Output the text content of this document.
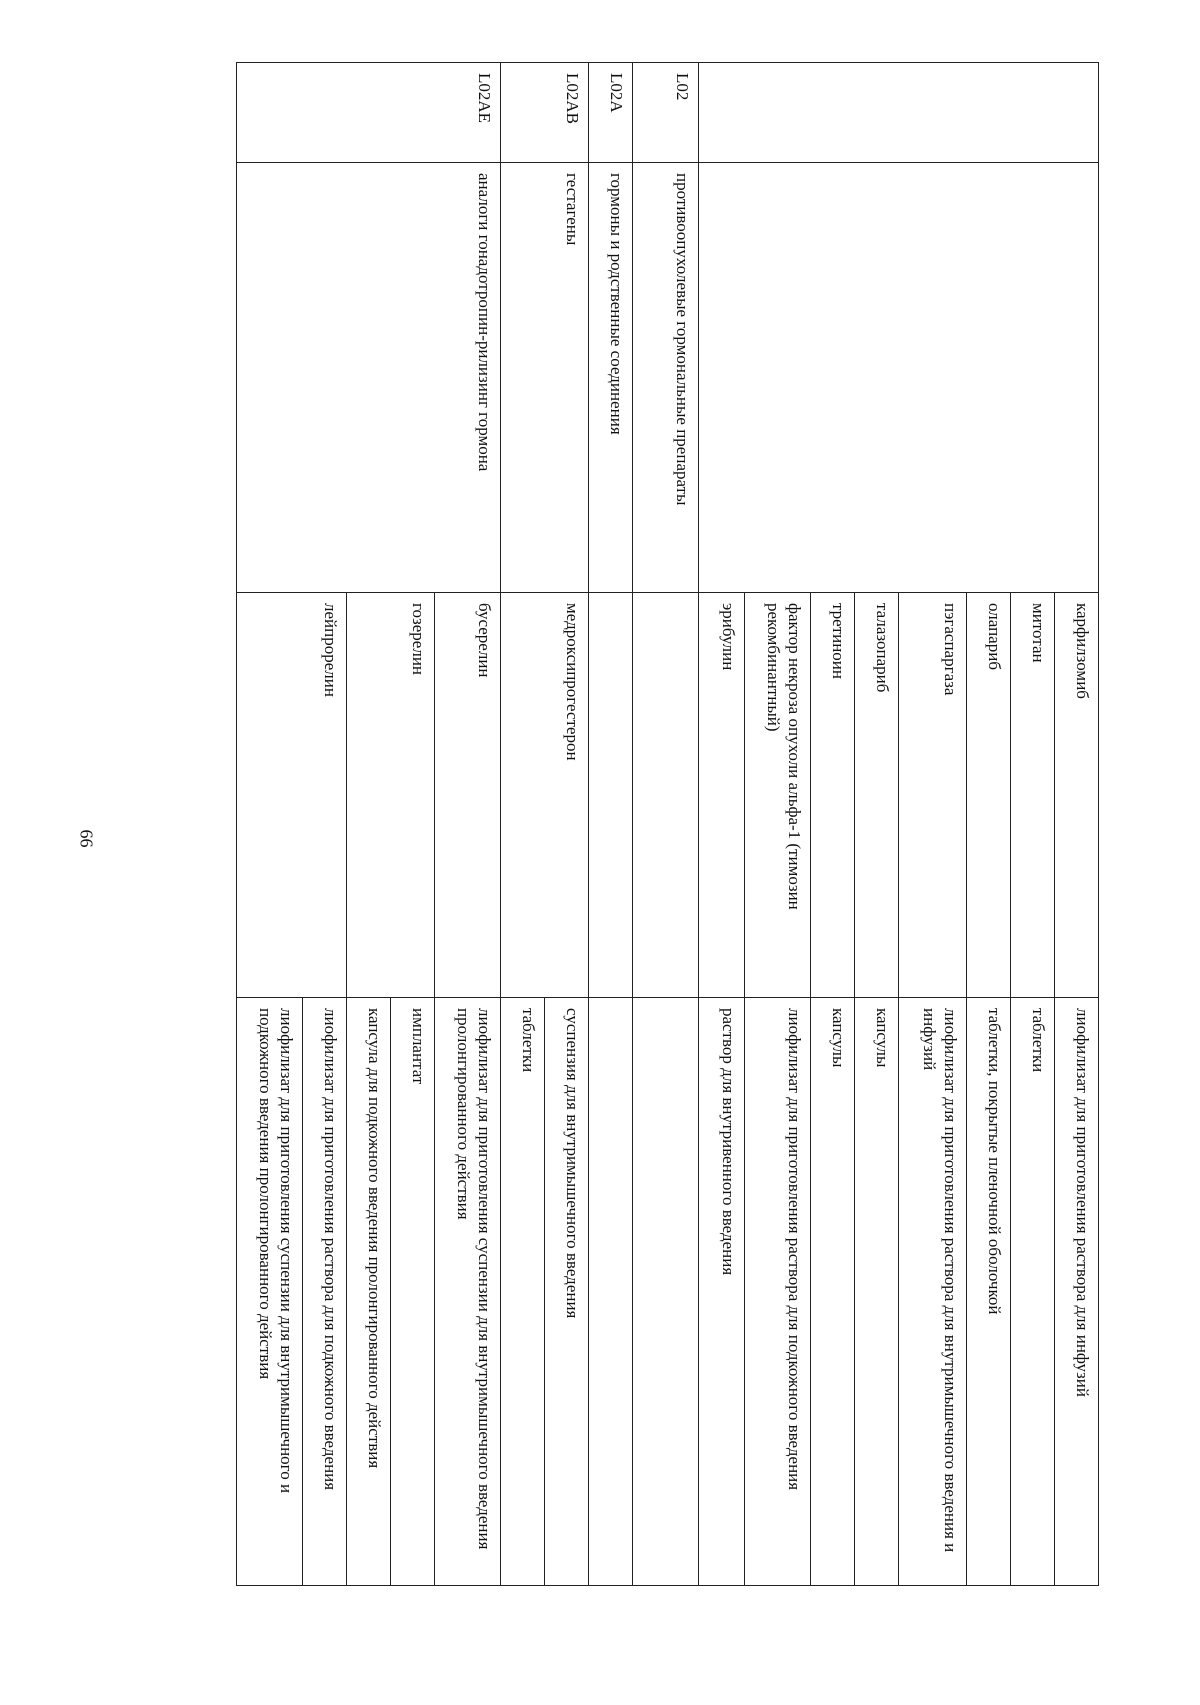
66
		карфилзомиб	лиофилизат для приготовления раствора для инфузий
		митотан	таблетки
		олапариб	таблетки, покрытые пленочной оболочкой
		пэгаспаргаза	лиофилизат для приготовления раствора для внутримышечного введения и инфузий
		талазопариб	капсулы
		третиноин	капсулы
		фактор некроза опухоли альфа-1 (тимозин рекомбинантный)	лиофилизат для приготовления раствора для подкожного введения
		эрибулин	раствор для внутривенного введения
L02	противоопухолевые гормональные препараты		
L02A	гормоны и родственные соединения		
L02AB	гестагены	медроксипрогестерон	суспензия для внутримышечного введения
			таблетки
L02AE	аналоги гонадотропин-рилизинг гормона	бусерелин	лиофилизат для приготовления суспензии для внутримышечного введения пролонгированного действия
		гозерелин	имплантат
			капсула для подкожного введения пролонгированного действия
		лейпрорелин	лиофилизат для приготовления раствора для подкожного введения
			лиофилизат для приготовления суспензии для внутримышечного и подкожного введения пролонгированного действия
